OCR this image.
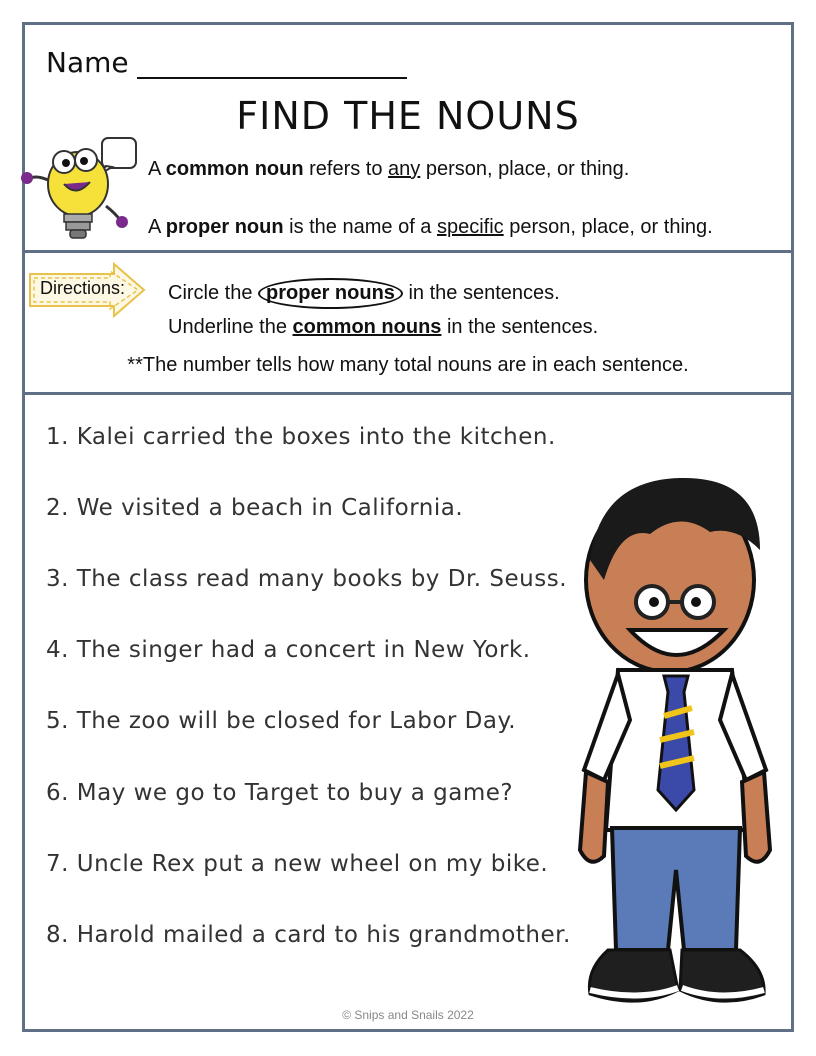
Name
FIND THE NOUNS
A common noun refers to any person, place, or thing.
A proper noun is the name of a specific person, place, or thing.
Directions: Circle the proper nouns in the sentences.
Underline the common nouns in the sentences.
**The number tells how many total nouns are in each sentence.
1. Kalei carried the boxes into the kitchen.
2. We visited a beach in California.
3. The class read many books by Dr. Seuss.
4. The singer had a concert in New York.
5. The zoo will be closed for Labor Day.
6. May we go to Target to buy a game?
7. Uncle Rex put a new wheel on my bike.
8. Harold mailed a card to his grandmother.
© Snips and Snails 2022
